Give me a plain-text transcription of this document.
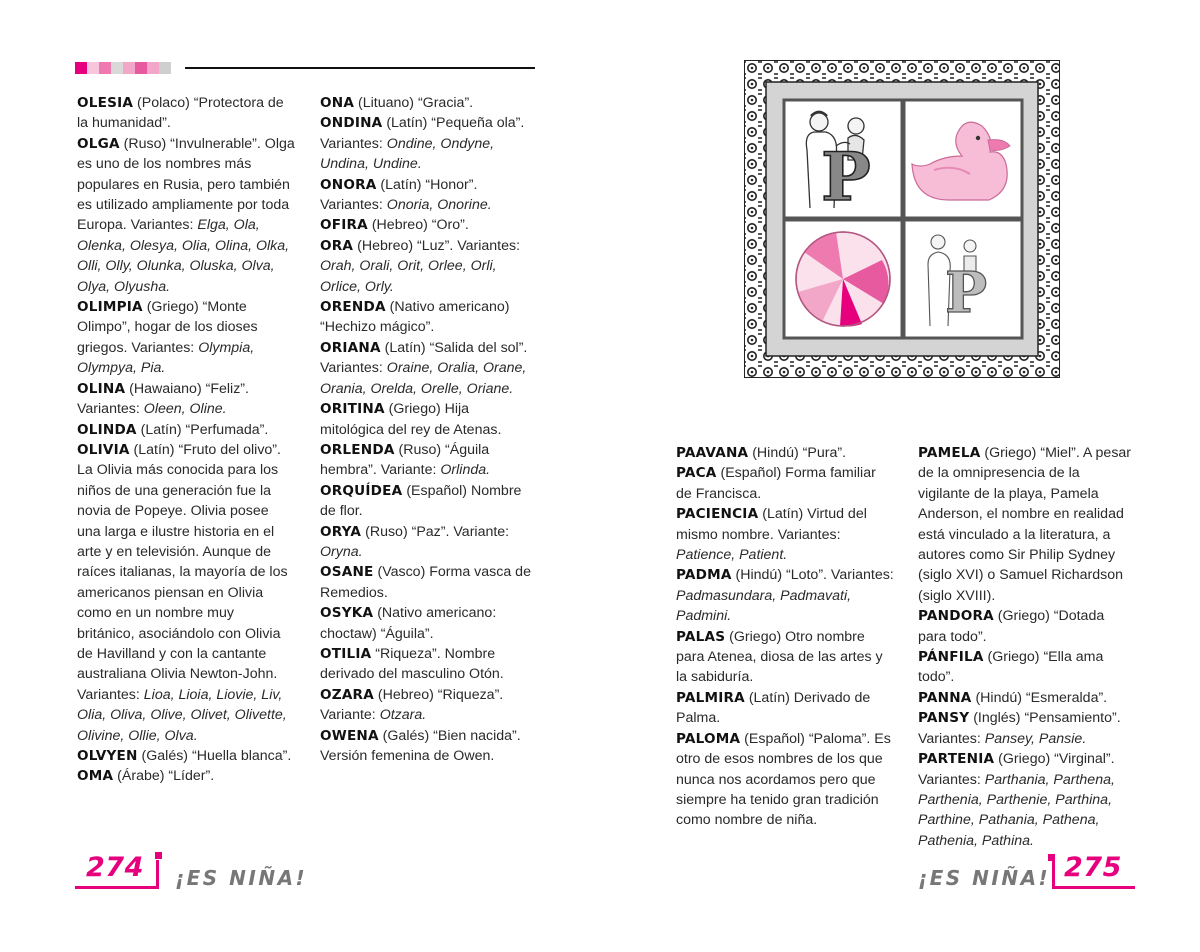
OLESIA (Polaco) “Protectora de la humanidad”.

OLGA (Ruso) “Invulnerable”. Olga es uno de los nombres más populares en Rusia, pero también es utilizado ampliamente por toda Europa. Variantes: Elga, Ola, Olenka, Olesya, Olia, Olina, Olka, Olli, Olly, Olunka, Oluska, Olva, Olya, Olyusha.

OLIMPIA (Griego) “Monte Olimpo”, hogar de los dioses griegos. Variantes: Olympia, Olympya, Pia.

OLINA (Hawaiano) “Feliz”. Variantes: Oleen, Oline.

OLINDA (Latín) “Perfumada”.

OLIVIA (Latín) “Fruto del olivo”. La Olivia más conocida para los niños de una generación fue la novia de Popeye. Olivia posee una larga e ilustre historia en el arte y en televisión. Aunque de raíces italianas, la mayoría de los americanos piensan en Olivia como en un nombre muy británico, asociándolo con Olivia de Havilland y con la cantante australiana Olivia Newton-John. Variantes: Lioa, Lioia, Liovie, Liv, Olia, Oliva, Olive, Olivet, Olivette, Olivine, Ollie, Olva.

OLVYEN (Galés) “Huella blanca”.

OMA (Árabe) “Líder”.

ONA (Lituano) “Gracia”.

ONDINA (Latín) “Pequeña ola”. Variantes: Ondine, Ondyne, Undina, Undine.

ONORA (Latín) “Honor”. Variantes: Onoria, Onorine.

OFIRA (Hebreo) “Oro”.

ORA (Hebreo) “Luz”. Variantes: Orah, Orali, Orit, Orlee, Orli, Orlice, Orly.

ORENDA (Nativo americano) “Hechizo mágico”.

ORIANA (Latín) “Salida del sol”. Variantes: Oraine, Oralia, Orane, Orania, Orelda, Orelle, Oriane.

ORITINA (Griego) Hija mitológica del rey de Atenas.

ORLENDA (Ruso) “Águila hembra”. Variante: Orlinda.

ORQUÍDEA (Español) Nombre de flor.

ORYA (Ruso) “Paz”. Variante: Oryna.

OSANE (Vasco) Forma vasca de Remedios.

OSYKA (Nativo americano: choctaw) “Águila”.

OTILIA “Riqueza”. Nombre derivado del masculino Otón.

OZARA (Hebreo) “Riqueza”. Variante: Otzara.

OWENA (Galés) “Bien nacida”. Versión femenina de Owen.

PAAVANA (Hindú) “Pura”.

PACA (Español) Forma familiar de Francisca.

PACIENCIA (Latín) Virtud del mismo nombre. Variantes: Patience, Patient.

PADMA (Hindú) “Loto”. Variantes: Padmasundara, Padmavati, Padmini.

PALAS (Griego) Otro nombre para Atenea, diosa de las artes y la sabiduría.

PALMIRA (Latín) Derivado de Palma.

PALOMA (Español) “Paloma”. Es otro de esos nombres de los que nunca nos acordamos pero que siempre ha tenido gran tradición como nombre de niña.

PAMELA (Griego) “Miel”. A pesar de la omnipresencia de la vigilante de la playa, Pamela Anderson, el nombre en realidad está vinculado a la literatura, a autores como Sir Philip Sydney (siglo XVI) o Samuel Richardson (siglo XVIII).

PANDORA (Griego) “Dotada para todo”.

PÁNFILA (Griego) “Ella ama todo”.

PANNA (Hindú) “Esmeralda”.

PANSY (Inglés) “Pensamiento”. Variantes: Pansey, Pansie.

PARTENIA (Griego) “Virginal”. Variantes: Parthania, Parthena, Parthenia, Parthenie, Parthina, Parthine, Pathania, Pathena, Pathenia, Pathina.

P
P
274 ¡ES NIÑA!	¡ES NIÑA! 275
